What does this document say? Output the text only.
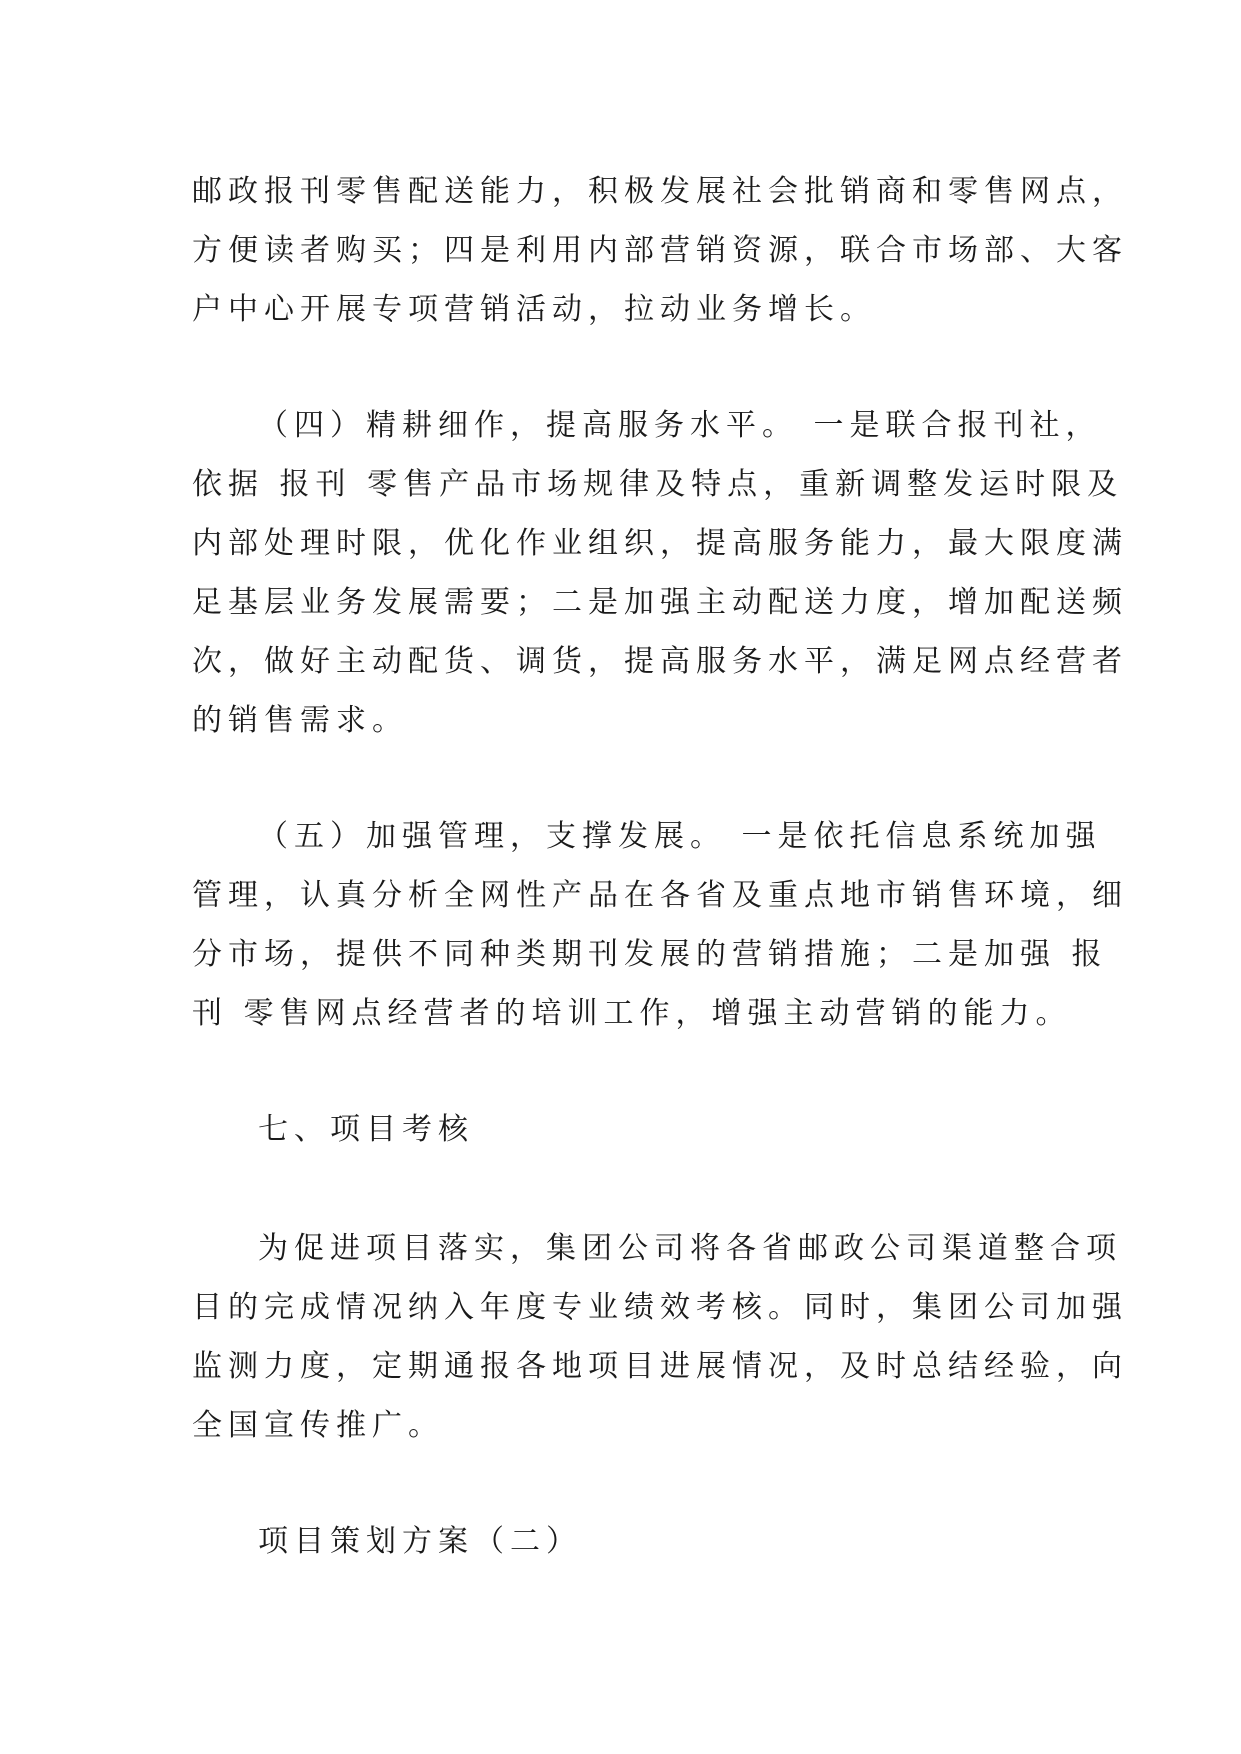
邮政报刊零售配送能力，积极发展社会批销商和零售网点，

方便读者购买；四是利用内部营销资源，联合市场部、大客

户中心开展专项营销活动，拉动业务增长。

（四）精耕细作，提高服务水平。 一是联合报刊社，

依据 报刊 零售产品市场规律及特点，重新调整发运时限及

内部处理时限，优化作业组织，提高服务能力，最大限度满

足基层业务发展需要；二是加强主动配送力度，增加配送频

次，做好主动配货、调货，提高服务水平，满足网点经营者

的销售需求。

（五）加强管理，支撑发展。 一是依托信息系统加强

管理，认真分析全网性产品在各省及重点地市销售环境，细

分市场，提供不同种类期刊发展的营销措施；二是加强 报

刊 零售网点经营者的培训工作，增强主动营销的能力。

七、项目考核

为促进项目落实，集团公司将各省邮政公司渠道整合项

目的完成情况纳入年度专业绩效考核。同时，集团公司加强

监测力度，定期通报各地项目进展情况，及时总结经验，向

全国宣传推广。

项目策划方案（二）
